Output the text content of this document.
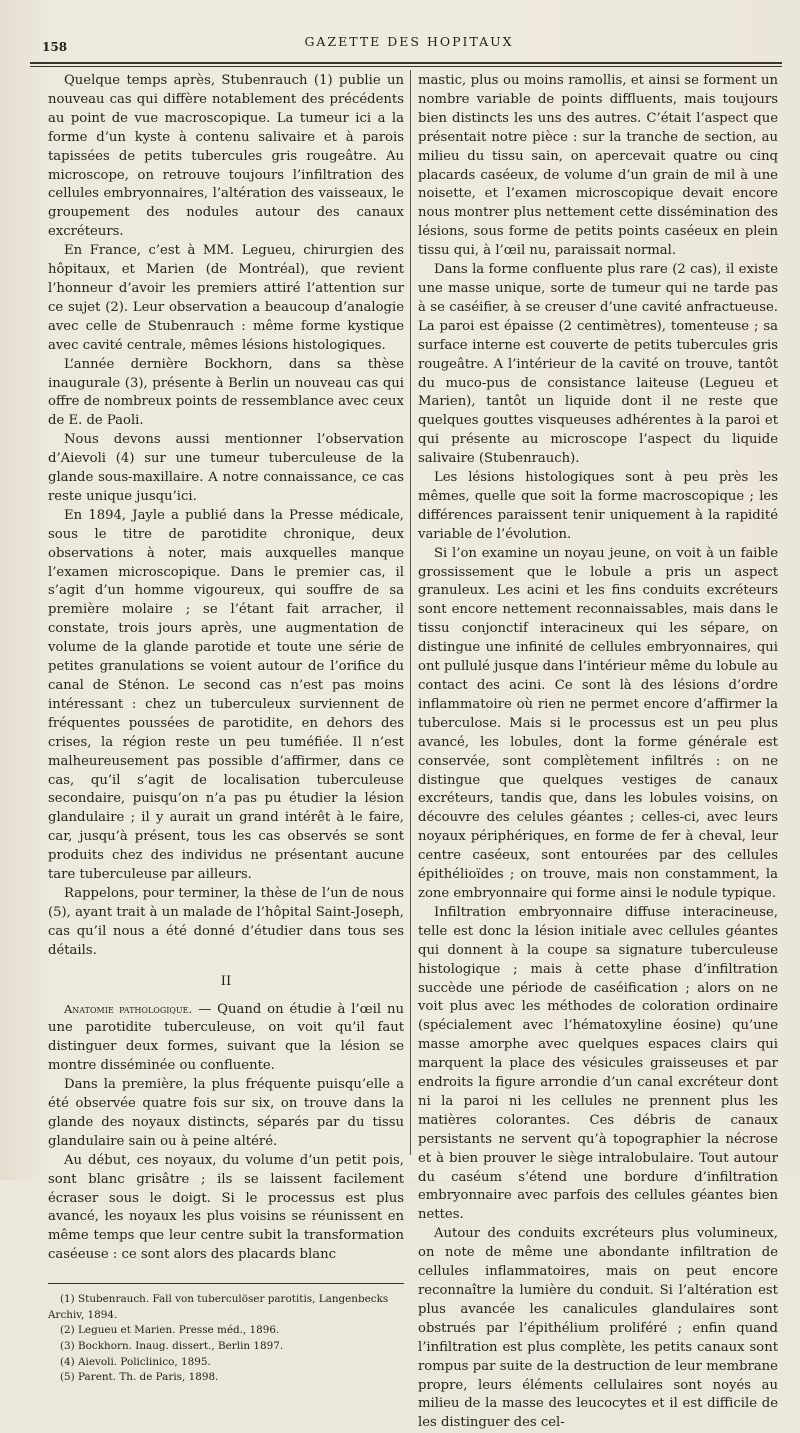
158	GAZETTE DES HOPITAUX

Quelque temps après, Stubenrauch (1) publie un nouveau cas qui diffère notablement des précédents au point de vue macroscopique. La tumeur ici a la forme d’un kyste à contenu salivaire et à parois tapissées de petits tubercules gris rougeâtre. Au microscope, on retrouve toujours l’infiltration des cellules embryonnaires, l’altération des vaisseaux, le groupement des nodules autour des canaux excréteurs.

En France, c’est à MM. Legueu, chirurgien des hôpitaux, et Marien (de Montréal), que revient l’honneur d’avoir les premiers attiré l’attention sur ce sujet (2). Leur observation a beaucoup d’analogie avec celle de Stubenrauch : même forme kystique avec cavité centrale, mêmes lésions histologiques.

L’année dernière Bockhorn, dans sa thèse inaugurale (3), présente à Berlin un nouveau cas qui offre de nombreux points de ressemblance avec ceux de E. de Paoli.

Nous devons aussi mentionner l’observation d’Aievoli (4) sur une tumeur tuberculeuse de la glande sous-maxillaire. A notre connaissance, ce cas reste unique jusqu’ici.

En 1894, Jayle a publié dans la Presse médicale, sous le titre de parotidite chronique, deux observations à noter, mais auxquelles manque l’examen microscopique. Dans le premier cas, il s’agit d’un homme vigoureux, qui souffre de sa première molaire ; se l’étant fait arracher, il constate, trois jours après, une augmentation de volume de la glande parotide et toute une série de petites granulations se voient autour de l’orifice du canal de Sténon. Le second cas n’est pas moins intéressant : chez un tuberculeux surviennent de fréquentes poussées de parotidite, en dehors des crises, la région reste un peu tuméfiée. Il n’est malheureusement pas possible d’affirmer, dans ce cas, qu’il s’agit de localisation tuberculeuse secondaire, puisqu’on n’a pas pu étudier la lésion glandulaire ; il y aurait un grand intérêt à le faire, car, jusqu’à présent, tous les cas observés se sont produits chez des individus ne présentant aucune tare tuberculeuse par ailleurs.

Rappelons, pour terminer, la thèse de l’un de nous (5), ayant trait à un malade de l’hôpital Saint-Joseph, cas qu’il nous a été donné d’étudier dans tous ses détails.

II

Anatomie pathologique. — Quand on étudie à l’œil nu une parotidite tuberculeuse, on voit qu’il faut distinguer deux formes, suivant que la lésion se montre disséminée ou confluente.

Dans la première, la plus fréquente puisqu’elle a été observée quatre fois sur six, on trouve dans la glande des noyaux distincts, séparés par du tissu glandulaire sain ou à peine altéré.

Au début, ces noyaux, du volume d’un petit pois, sont blanc grisâtre ; ils se laissent facilement écraser sous le doigt. Si le processus est plus avancé, les noyaux les plus voisins se réunissent en même temps que leur centre subit la transformation caséeuse : ce sont alors des placards blanc

(1) Stubenrauch. Fall von tuberculöser parotitis, Langenbecks Archiv, 1894.
(2) Legueu et Marien. Presse méd., 1896.
(3) Bockhorn. Inaug. dissert., Berlin 1897.
(4) Aievoli. Policlinico, 1895.
(5) Parent. Th. de Paris, 1898.

mastic, plus ou moins ramollis, et ainsi se forment un nombre variable de points diffluents, mais toujours bien distincts les uns des autres. C’était l’aspect que présentait notre pièce : sur la tranche de section, au milieu du tissu sain, on apercevait quatre ou cinq placards caséeux, de volume d’un grain de mil à une noisette, et l’examen microscopique devait encore nous montrer plus nettement cette dissémination des lésions, sous forme de petits points caséeux en plein tissu qui, à l’œil nu, paraissait normal.

Dans la forme confluente plus rare (2 cas), il existe une masse unique, sorte de tumeur qui ne tarde pas à se caséifier, à se creuser d’une cavité anfractueuse. La paroi est épaisse (2 centimètres), tomenteuse ; sa surface interne est couverte de petits tubercules gris rougeâtre. A l’intérieur de la cavité on trouve, tantôt du muco-pus de consistance laiteuse (Legueu et Marien), tantôt un liquide dont il ne reste que quelques gouttes visqueuses adhérentes à la paroi et qui présente au microscope l’aspect du liquide salivaire (Stubenrauch).

Les lésions histologiques sont à peu près les mêmes, quelle que soit la forme macroscopique ; les différences paraissent tenir uniquement à la rapidité variable de l’évolution.

Si l’on examine un noyau jeune, on voit à un faible grossissement que le lobule a pris un aspect granuleux. Les acini et les fins conduits excréteurs sont encore nettement reconnaissables, mais dans le tissu conjonctif interacineux qui les sépare, on distingue une infinité de cellules embryonnaires, qui ont pullulé jusque dans l’intérieur même du lobule au contact des acini. Ce sont là des lésions d’ordre inflammatoire où rien ne permet encore d’affirmer la tuberculose. Mais si le processus est un peu plus avancé, les lobules, dont la forme générale est conservée, sont complètement infiltrés : on ne distingue que quelques vestiges de canaux excréteurs, tandis que, dans les lobules voisins, on découvre des celules géantes ; celles-ci, avec leurs noyaux périphériques, en forme de fer à cheval, leur centre caséeux, sont entourées par des cellules épithélioïdes ; on trouve, mais non constamment, la zone embryonnaire qui forme ainsi le nodule typique.

Infiltration embryonnaire diffuse interacineuse, telle est donc la lésion initiale avec cellules géantes qui donnent à la coupe sa signature tuberculeuse histologique ; mais à cette phase d’infiltration succède une période de caséification ; alors on ne voit plus avec les méthodes de coloration ordinaire (spécialement avec l’hématoxyline éosine) qu’une masse amorphe avec quelques espaces clairs qui marquent la place des vésicules graisseuses et par endroits la figure arrondie d’un canal excréteur dont ni la paroi ni les cellules ne prennent plus les matières colorantes. Ces débris de canaux persistants ne servent qu’à topographier la nécrose et à bien prouver le siège intralobulaire. Tout autour du caséum s’étend une bordure d’infiltration embryonnaire avec parfois des cellules géantes bien nettes.

Autour des conduits excréteurs plus volumineux, on note de même une abondante infiltration de cellules inflammatoires, mais on peut encore reconnaître la lumière du conduit. Si l’altération est plus avancée les canalicules glandulaires sont obstrués par l’épithélium proliféré ; enfin quand l’infiltration est plus complète, les petits canaux sont rompus par suite de la destruction de leur membrane propre, leurs éléments cellulaires sont noyés au milieu de la masse des leucocytes et il est difficile de les distinguer des cel-
